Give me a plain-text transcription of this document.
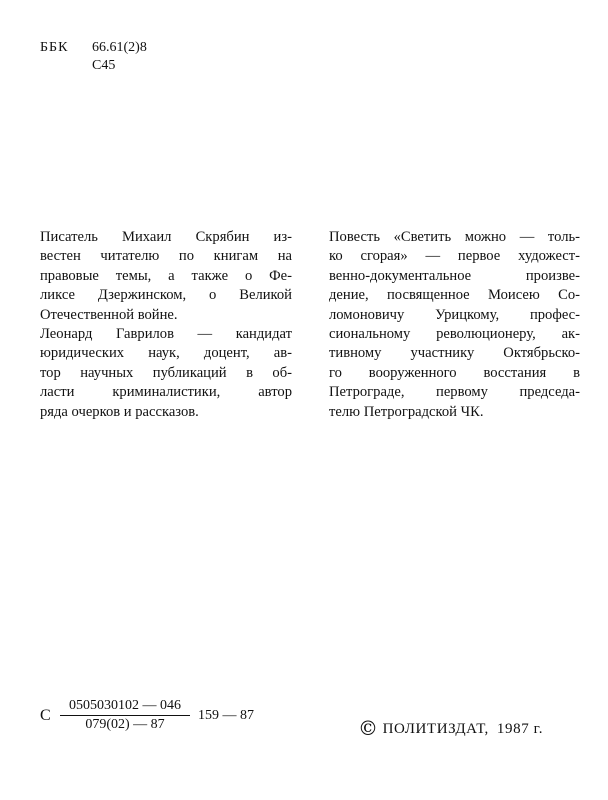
ББК 66.61(2)8
С45
Писатель Михаил Скрябин из-
вестен читателю по книгам на
правовые темы, а также о Фе-
ликсе Дзержинском, о Великой
Отечественной войне.
Леонард Гаврилов — кандидат
юридических наук, доцент, ав-
тор научных публикаций в об-
ласти криминалистики, автор
ряда очерков и рассказов.
Повесть «Светить можно — толь-
ко сгорая» — первое художест-
венно-документальное произве-
дение, посвященное Моисею Со-
ломоновичу Урицкому, профес-
сиональному революционеру, ак-
тивному участнику Октябрьско-
го вооруженного восстания в
Петрограде, первому председа-
телю Петроградской ЧК.
С $\frac{0505030102 — 046}{079(02) — 87} 159$ — 87
© ПОЛИТИЗДАТ, 1987 г.
